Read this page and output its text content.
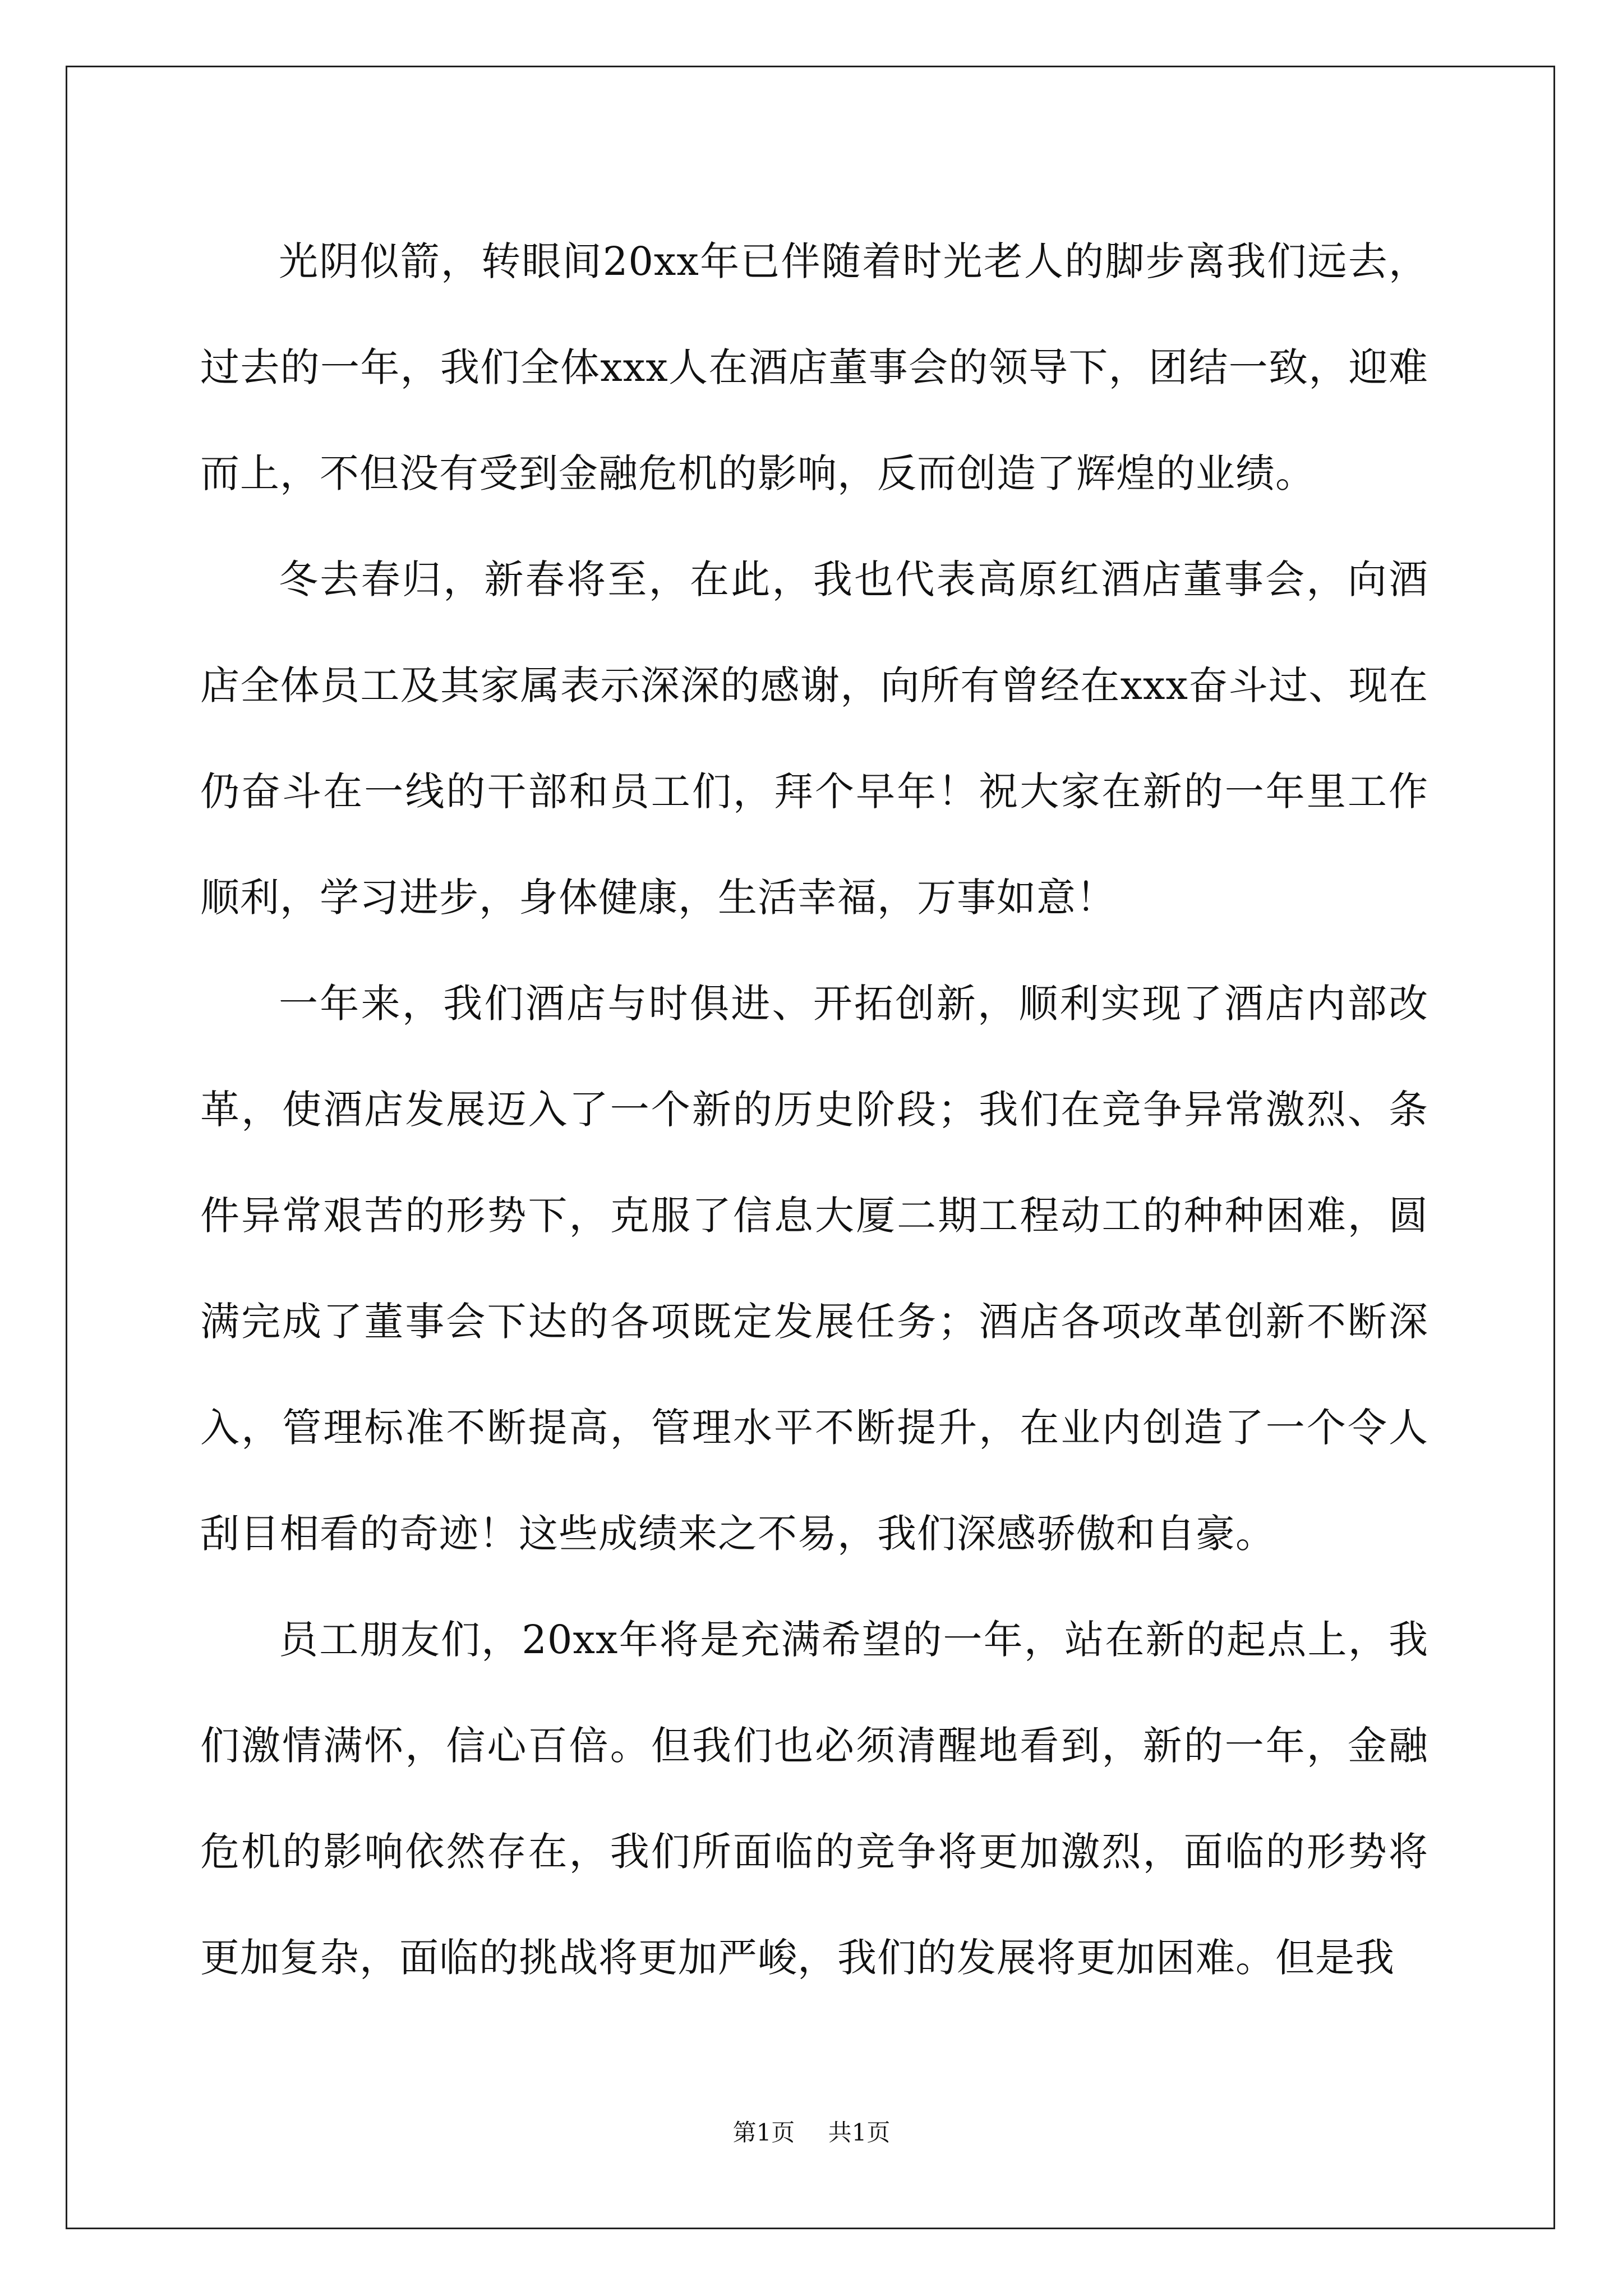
光阴似箭，转眼间20xx年已伴随着时光老人的脚步离我们远去，过去的一年，我们全体xxx人在酒店董事会的领导下，团结一致，迎难而上，不但没有受到金融危机的影响，反而创造了辉煌的业绩。

冬去春归，新春将至，在此，我也代表高原红酒店董事会，向酒店全体员工及其家属表示深深的感谢，向所有曾经在xxx奋斗过、现在仍奋斗在一线的干部和员工们，拜个早年！祝大家在新的一年里工作顺利，学习进步，身体健康，生活幸福，万事如意！

一年来，我们酒店与时俱进、开拓创新，顺利实现了酒店内部改革，使酒店发展迈入了一个新的历史阶段；我们在竞争异常激烈、条件异常艰苦的形势下，克服了信息大厦二期工程动工的种种困难，圆满完成了董事会下达的各项既定发展任务；酒店各项改革创新不断深入，管理标准不断提高，管理水平不断提升，在业内创造了一个令人刮目相看的奇迹！这些成绩来之不易，我们深感骄傲和自豪。

员工朋友们，20xx年将是充满希望的一年，站在新的起点上，我们激情满怀，信心百倍。但我们也必须清醒地看到，新的一年，金融危机的影响依然存在，我们所面临的竞争将更加激烈，面临的形势将更加复杂，面临的挑战将更加严峻，我们的发展将更加困难。但是我

第1页 共1页
